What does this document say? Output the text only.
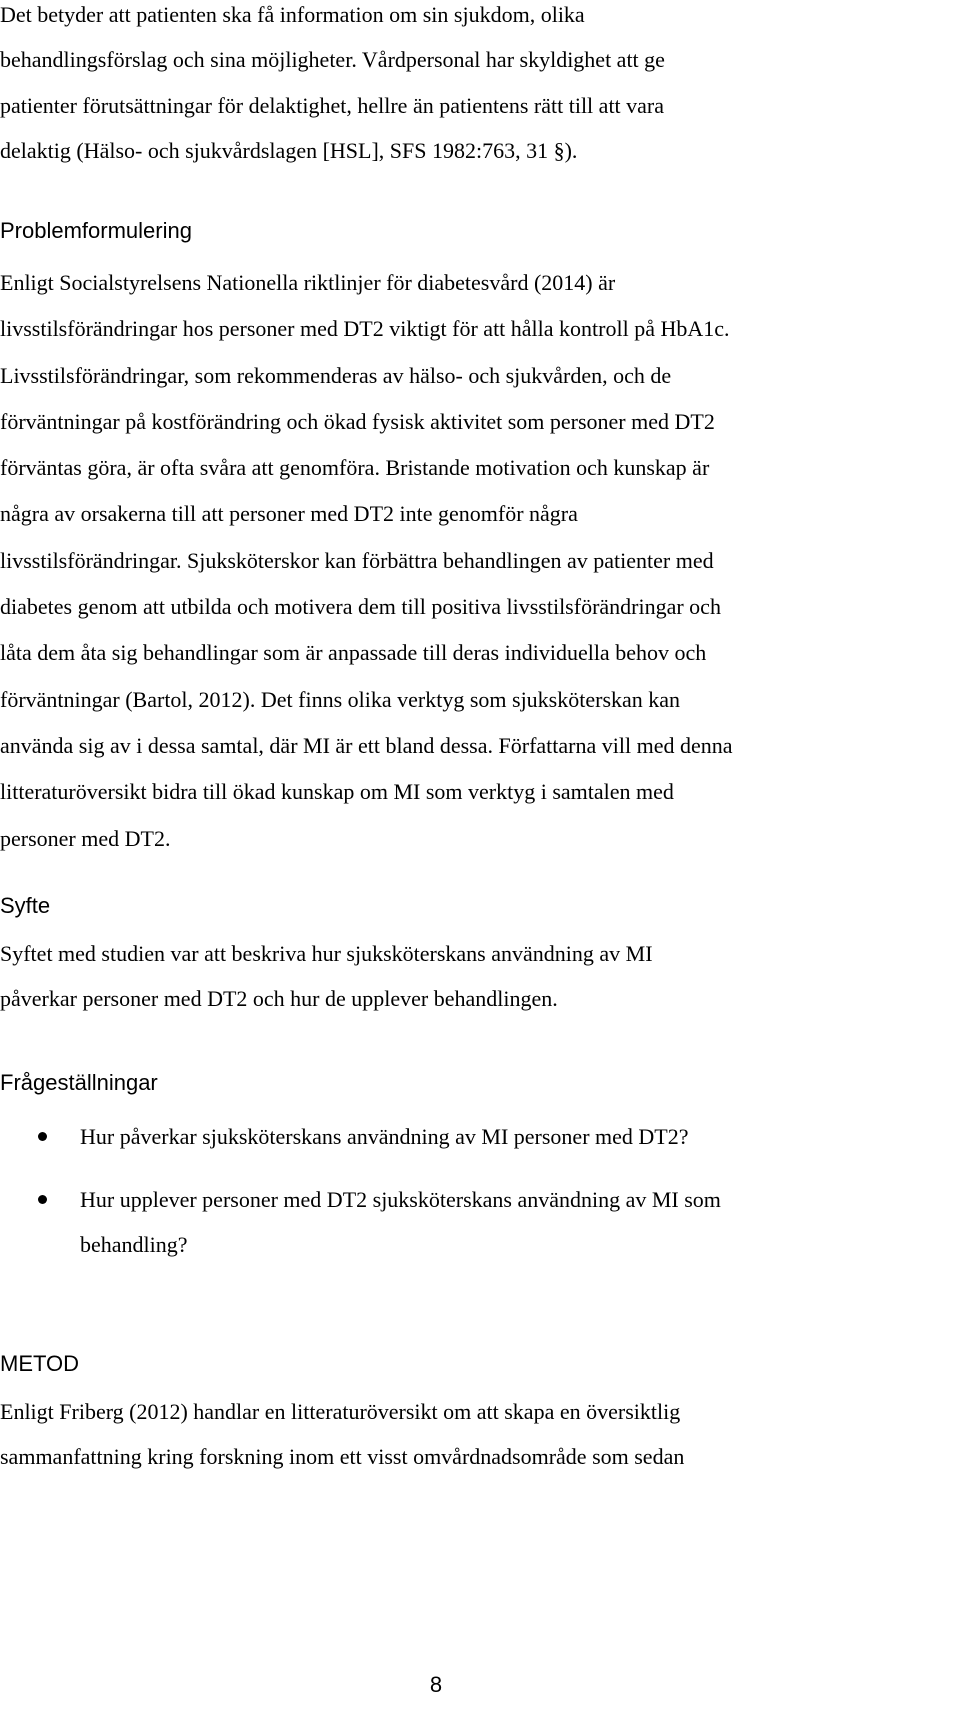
Det betyder att patienten ska få information om sin sjukdom, olika
behandlingsförslag och sina möjligheter. Vårdpersonal har skyldighet att ge
patienter förutsättningar för delaktighet, hellre än patientens rätt till att vara
delaktig (Hälso- och sjukvårdslagen [HSL], SFS 1982:763, 31 §).

Problemformulering

Enligt Socialstyrelsens Nationella riktlinjer för diabetesvård (2014) är
livsstilsförändringar hos personer med DT2 viktigt för att hålla kontroll på HbA1c.
Livsstilsförändringar, som rekommenderas av hälso- och sjukvården, och de
förväntningar på kostförändring och ökad fysisk aktivitet som personer med DT2
förväntas göra, är ofta svåra att genomföra. Bristande motivation och kunskap är
några av orsakerna till att personer med DT2 inte genomför några
livsstilsförändringar. Sjuksköterskor kan förbättra behandlingen av patienter med
diabetes genom att utbilda och motivera dem till positiva livsstilsförändringar och
låta dem åta sig behandlingar som är anpassade till deras individuella behov och
förväntningar (Bartol, 2012). Det finns olika verktyg som sjuksköterskan kan
använda sig av i dessa samtal, där MI är ett bland dessa. Författarna vill med denna
litteraturöversikt bidra till ökad kunskap om MI som verktyg i samtalen med
personer med DT2.

Syfte

Syftet med studien var att beskriva hur sjuksköterskans användning av MI
påverkar personer med DT2 och hur de upplever behandlingen.

Frågeställningar
Hur påverkar sjuksköterskans användning av MI personer med DT2?
Hur upplever personer med DT2 sjuksköterskans användning av MI som
behandling?
METOD

Enligt Friberg (2012) handlar en litteraturöversikt om att skapa en översiktlig
sammanfattning kring forskning inom ett visst omvårdnadsområde som sedan

8
